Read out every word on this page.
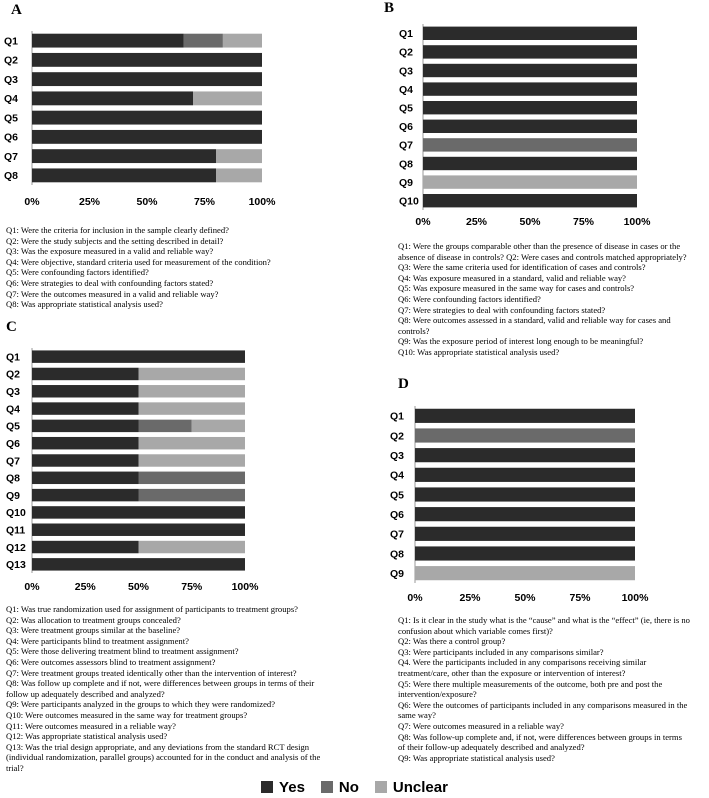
A	B
C
D
Q1
Q2
Q3
Q4
Q5
Q6
Q7
Q8
0%	25%	50%	75%	100%
Q1
Q2
Q3
Q4
Q5
Q6
Q7
Q8
Q9
Q10
0%	25%	50%	75%	100%
Q1
Q2
Q3
Q4
Q5
Q6
Q7
Q8
Q9
Q10
Q11
Q12
Q13
0%	25%	50%	75%	100%
Q1
Q2
Q3
Q4
Q5
Q6
Q7
Q8
Q9
0%	25%	50%	75%	100%
Q1: Were the criteria for inclusion in the sample clearly defined?
Q2: Were the study subjects and the setting described in detail?
Q3: Was the exposure measured in a valid and reliable way?
Q4: Were objective, standard criteria used for measurement of the condition?
Q5: Were confounding factors identified?
Q6: Were strategies to deal with confounding factors stated?
Q7: Were the outcomes measured in a valid and reliable way?
Q8: Was appropriate statistical analysis used?
Q1: Were the groups comparable other than the presence of disease in cases or the
absence of disease in controls? Q2: Were cases and controls matched appropriately?
Q3: Were the same criteria used for identification of cases and controls?
Q4: Was exposure measured in a standard, valid and reliable way?
Q5: Was exposure measured in the same way for cases and controls?
Q6: Were confounding factors identified?
Q7: Were strategies to deal with confounding factors stated?
Q8: Were outcomes assessed in a standard, valid and reliable way for cases and
controls?
Q9: Was the exposure period of interest long enough to be meaningful?
Q10: Was appropriate statistical analysis used?
Q1: Was true randomization used for assignment of participants to treatment groups?
Q2: Was allocation to treatment groups concealed?
Q3: Were treatment groups similar at the baseline?
Q4: Were participants blind to treatment assignment?
Q5: Were those delivering treatment blind to treatment assignment?
Q6: Were outcomes assessors blind to treatment assignment?
Q7: Were treatment groups treated identically other than the intervention of interest?
Q8: Was follow up complete and if not, were differences between groups in terms of their
follow up adequately described and analyzed?
Q9: Were participants analyzed in the groups to which they were randomized?
Q10: Were outcomes measured in the same way for treatment groups?
Q11: Were outcomes measured in a reliable way?
Q12: Was appropriate statistical analysis used?
Q13: Was the trial design appropriate, and any deviations from the standard RCT design
(individual randomization, parallel groups) accounted for in the conduct and analysis of the
trial?
Q1: Is it clear in the study what is the “cause” and what is the “effect” (ie, there is no
confusion about which variable comes first)?
Q2: Was there a control group?
Q3: Were participants included in any comparisons similar?
Q4. Were the participants included in any comparisons receiving similar
treatment/care, other than the exposure or intervention of interest?
Q5: Were there multiple measurements of the outcome, both pre and post the
intervention/exposure?
Q6: Were the outcomes of participants included in any comparisons measured in the
same way?
Q7: Were outcomes measured in a reliable way?
Q8: Was follow-up complete and, if not, were differences between groups in terms
of their follow-up adequately described and analyzed?
Q9: Was appropriate statistical analysis used?
Yes No Unclear
